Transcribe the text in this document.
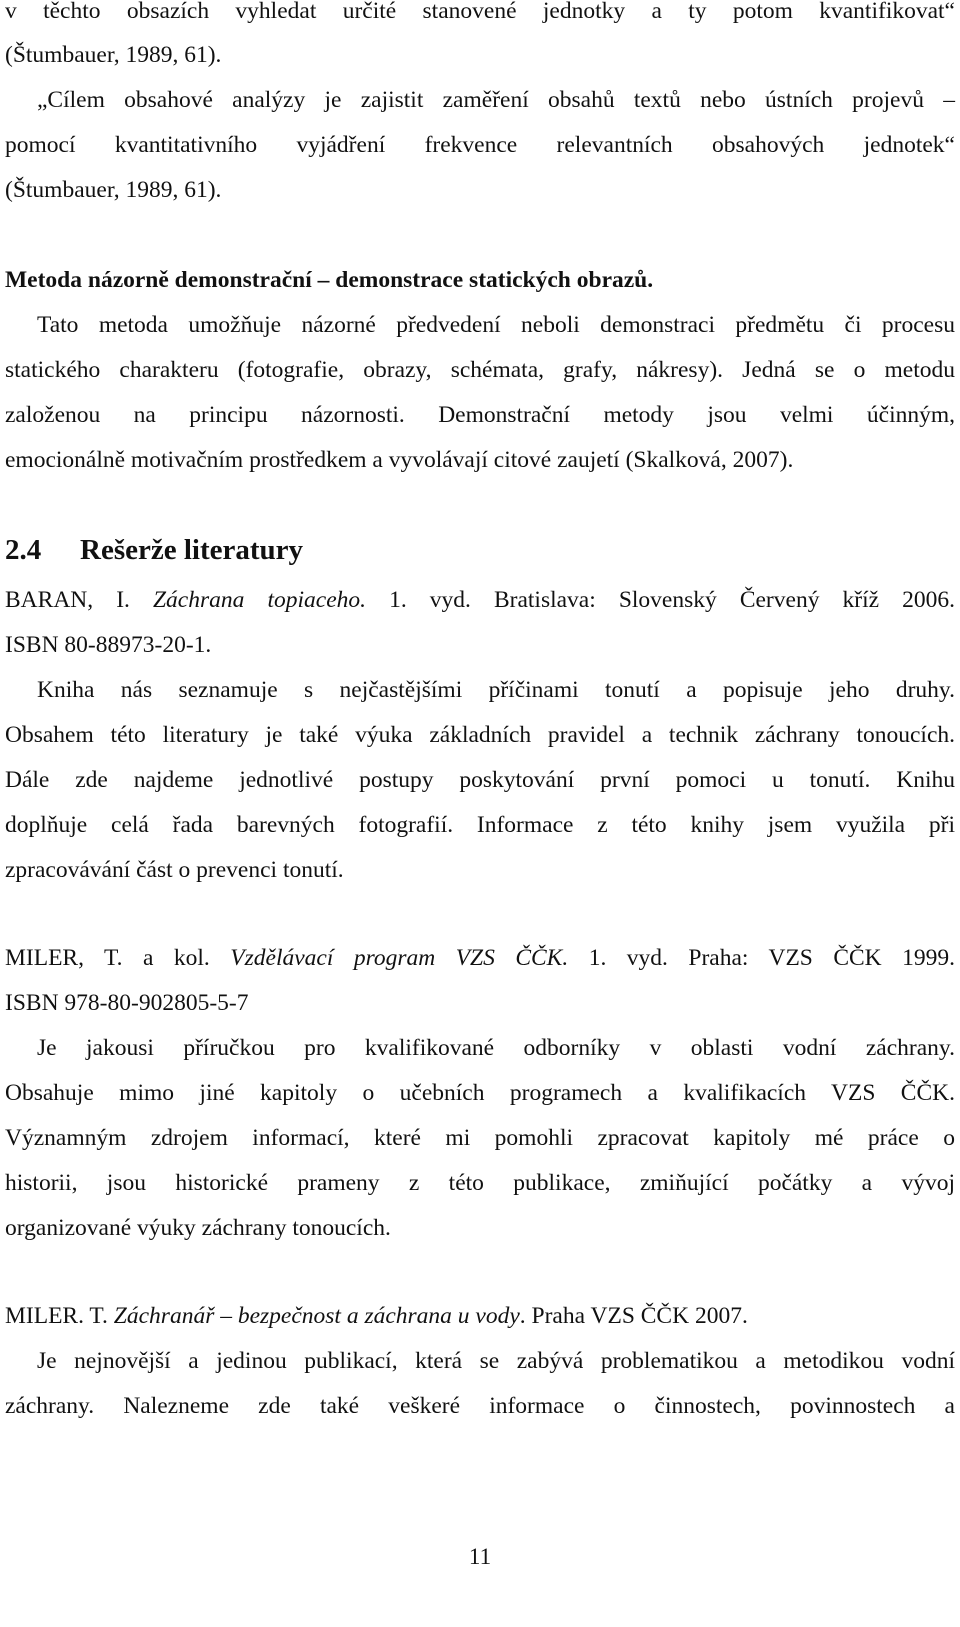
v těchto obsazích vyhledat určité stanovené jednotky a ty potom kvantifikovat“
(Štumbauer, 1989, 61).
„Cílem obsahové analýzy je zajistit zaměření obsahů textů nebo ústních projevů –
pomocí kvantitativního vyjádření frekvence relevantních obsahových jednotek“
(Štumbauer, 1989, 61).
Metoda názorně demonstrační – demonstrace statických obrazů.
Tato metoda umožňuje názorné předvedení neboli demonstraci předmětu či procesu
statického charakteru (fotografie, obrazy, schémata, grafy, nákresy). Jedná se o metodu
založenou na principu názornosti. Demonstrační metody jsou velmi účinným,
emocionálně motivačním prostředkem a vyvolávají citové zaujetí (Skalková, 2007).
2.4 Rešerže literatury
BARAN, I. Záchrana topiaceho. 1. vyd. Bratislava: Slovenský Červený kříž 2006.
ISBN 80-88973-20-1.
Kniha nás seznamuje s nejčastějšími příčinami tonutí a popisuje jeho druhy.
Obsahem této literatury je také výuka základních pravidel a technik záchrany tonoucích.
Dále zde najdeme jednotlivé postupy poskytování první pomoci u tonutí. Knihu
doplňuje celá řada barevných fotografií. Informace z této knihy jsem využila při
zpracovávání část o prevenci tonutí.
MILER, T. a kol. Vzdělávací program VZS ČČK. 1. vyd. Praha: VZS ČČK 1999.
ISBN 978-80-902805-5-7
Je jakousi příručkou pro kvalifikované odborníky v oblasti vodní záchrany.
Obsahuje mimo jiné kapitoly o učebních programech a kvalifikacích VZS ČČK.
Významným zdrojem informací, které mi pomohli zpracovat kapitoly mé práce o
historii, jsou historické prameny z této publikace, zmiňující počátky a vývoj
organizované výuky záchrany tonoucích.
MILER. T. Záchranář – bezpečnost a záchrana u vody. Praha VZS ČČK 2007.
Je nejnovější a jedinou publikací, která se zabývá problematikou a metodikou vodní
záchrany. Nalezneme zde také veškeré informace o činnostech, povinnostech a
11
